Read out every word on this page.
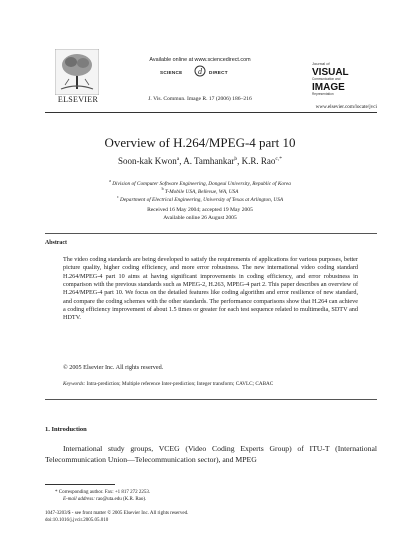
ELSEVIER
Available online at www.sciencedirect.com
SCIENCE d DIRECT
J. Vis. Commun. Image R. 17 (2006) 186–216
Journal of
VISUAL
Communication and
IMAGE
Representation
www.elsevier.com/locate/jvci
Overview of H.264/MPEG-4 part 10
Soon-kak Kwon$^a$, A. Tamhankar$^b$, K.R. Rao$^{c,*}$
$^a$ Division of Computer Software Engineering, Dongeui University, Republic of Korea
$^b$ T-Mobile USA, Bellevue, WA, USA
$^c$ Department of Electrical Engineering, University of Texas at Arlington, USA
Received 16 May 2004; accepted 19 May 2005
Available online 26 August 2005
Abstract
The video coding standards are being developed to satisfy the requirements of applications for various purposes, better picture quality, higher coding efficiency, and more error robustness. The new international video coding standard H.264/MPEG-4 part 10 aims at having significant improvements in coding efficiency, and error robustness in comparison with the previous standards such as MPEG-2, H.263, MPEG-4 part 2. This paper describes an overview of H.264/MPEG-4 part 10. We focus on the detailed features like coding algorithm and error resilience of new standard, and compare the coding schemes with the other standards. The performance comparisons show that H.264 can achieve a coding efficiency improvement of about 1.5 times or greater for each test sequence related to multimedia, SDTV and HDTV.
© 2005 Elsevier Inc. All rights reserved.
Keywords: Intra-prediction; Multiple reference Inter-prediction; Integer transform; CAVLC; CABAC
1. Introduction
International study groups, VCEG (Video Coding Experts Group) of ITU-T (International Telecommunication Union—Telecommunication sector), and MPEG
* Corresponding author. Fax: +1 817 272 2253.
E-mail address: rao@uta.edu (K.R. Rao).
1047-3203/$ - see front matter © 2005 Elsevier Inc. All rights reserved.
doi:10.1016/j.jvcir.2005.05.010
